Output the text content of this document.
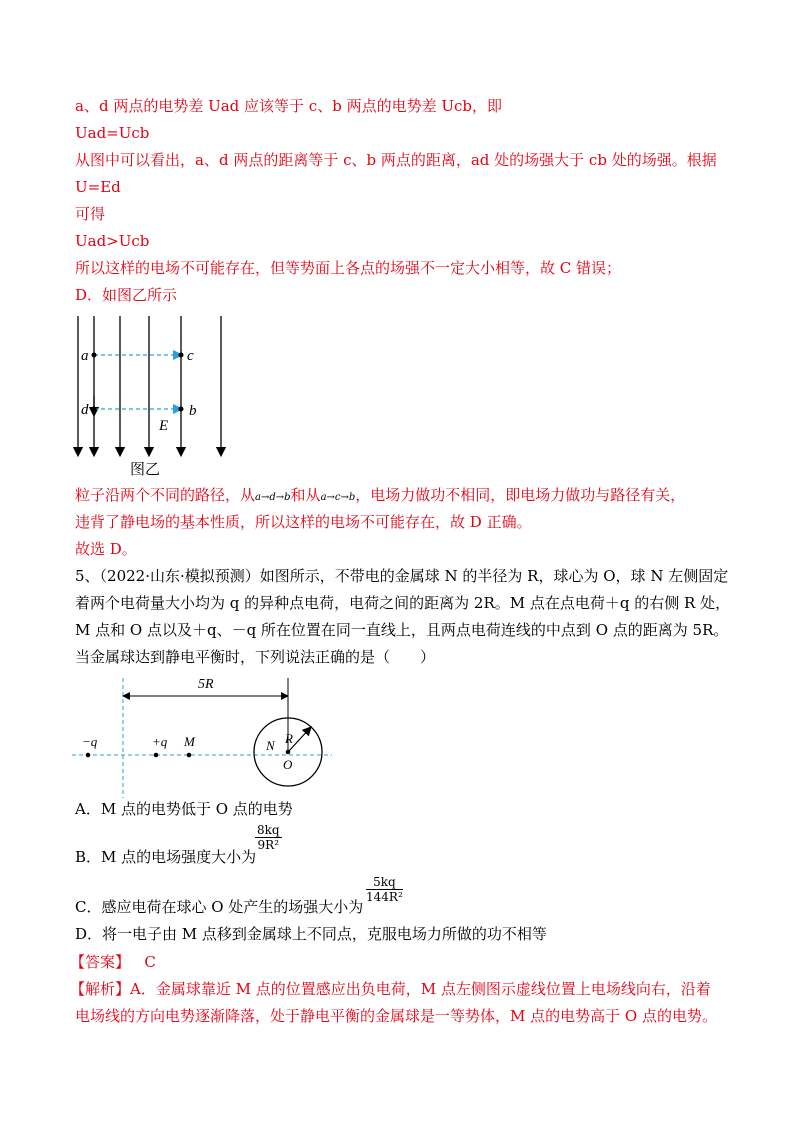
a、d 两点的电势差 Uad 应该等于 c、b 两点的电势差 Ucb，即
Uad=Ucb
从图中可以看出，a、d 两点的距离等于 c、b 两点的距离，ad 处的场强大于 cb 处的场强。根据
U=Ed
可得
Uad>Ucb
所以这样的电场不可能存在，但等势面上各点的场强不一定大小相等，故 C 错误；
D．如图乙所示
a	c
d	b
E
图乙
粒子沿两个不同的路径，从a→d→b和从a→c→b，电场力做功不相同，即电场力做功与路径有关，
违背了静电场的基本性质，所以这样的电场不可能存在，故 D 正确。
故选 D。
5、（2022·山东·模拟预测）如图所示，不带电的金属球 N 的半径为 R，球心为 O，球 N 左侧固定
着两个电荷量大小均为 q 的异种点电荷，电荷之间的距离为 2R。M 点在点电荷＋q 的右侧 R 处，
M 点和 O 点以及＋q、－q 所在位置在同一直线上，且两点电荷连线的中点到 O 点的距离为 5R。
当金属球达到静电平衡时，下列说法正确的是（　　）
5R
−q	+q M	N R
O
A．M 点的电势低于 O 点的电势
$\frac{8kq}{\text{9R²}}$
B．M 点的电场强度大小为
$\frac{5kq}{\text{144R²}}$
C．感应电荷在球心 O 处产生的场强大小为
D．将一电子由 M 点移到金属球上不同点，克服电场力所做的功不相等
【答案】 C
【解析】A．金属球靠近 M 点的位置感应出负电荷，M 点左侧图示虚线位置上电场线向右，沿着
电场线的方向电势逐渐降落，处于静电平衡的金属球是一等势体，M 点的电势高于 O 点的电势。
